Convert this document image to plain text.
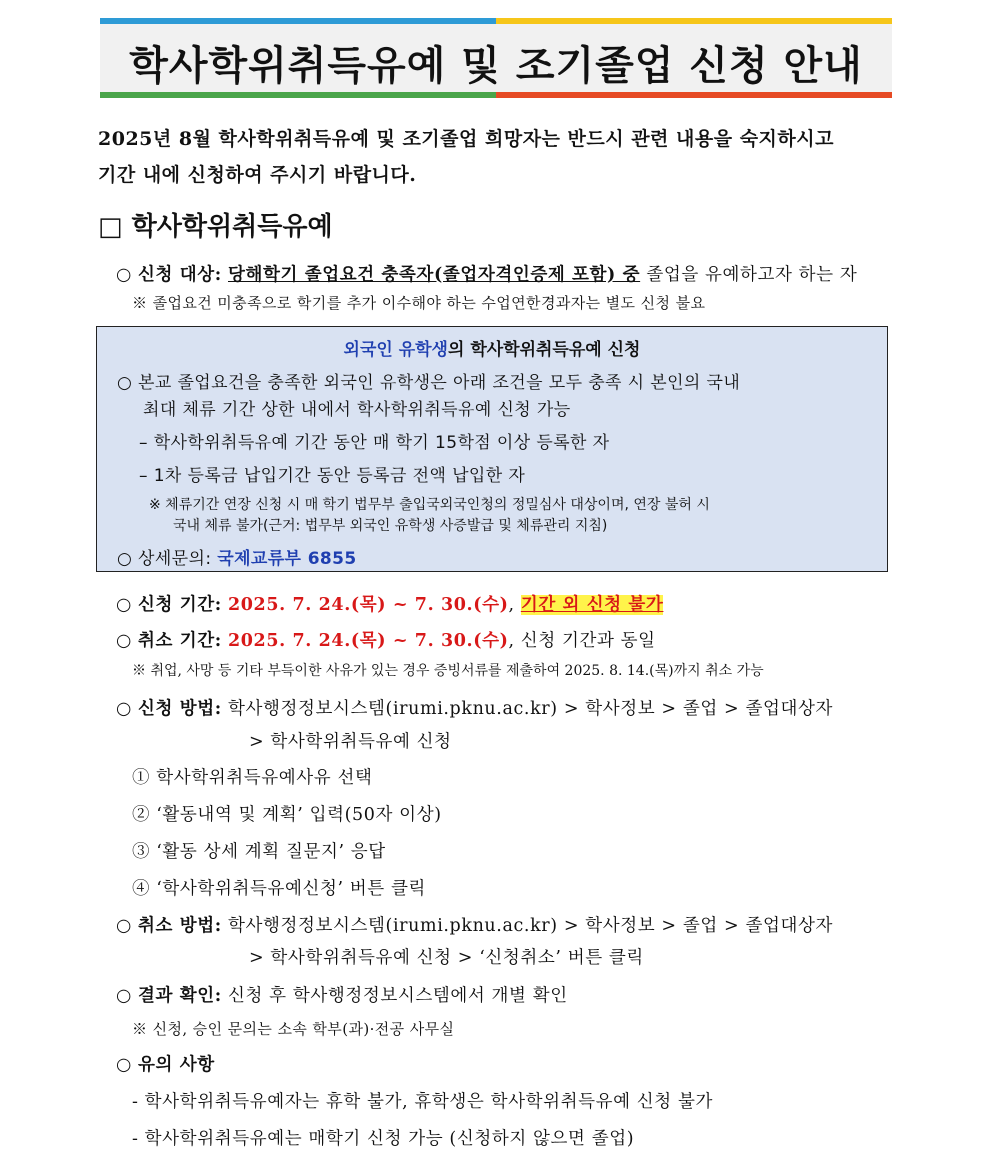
학사학위취득유예 및 조기졸업 신청 안내
2025년 8월 학사학위취득유예 및 조기졸업 희망자는 반드시 관련 내용을 숙지하시고
기간 내에 신청하여 주시기 바랍니다.
□ 학사학위취득유예
○ 신청 대상: 당해학기 졸업요건 충족자(졸업자격인증제 포함) 중 졸업을 유예하고자 하는 자
※ 졸업요건 미충족으로 학기를 추가 이수해야 하는 수업연한경과자는 별도 신청 불요
외국인 유학생의 학사학위취득유예 신청
○ 본교 졸업요건을 충족한 외국인 유학생은 아래 조건을 모두 충족 시 본인의 국내
최대 체류 기간 상한 내에서 학사학위취득유예 신청 가능
– 학사학위취득유예 기간 동안 매 학기 15학점 이상 등록한 자
– 1차 등록금 납입기간 동안 등록금 전액 납입한 자
※ 체류기간 연장 신청 시 매 학기 법무부 출입국외국인청의 정밀심사 대상이며, 연장 불허 시
국내 체류 불가(근거: 법무부 외국인 유학생 사증발급 및 체류관리 지침)
○ 상세문의: 국제교류부 6855
○ 신청 기간: 2025. 7. 24.(목) ~ 7. 30.(수), 기간 외 신청 불가
○ 취소 기간: 2025. 7. 24.(목) ~ 7. 30.(수), 신청 기간과 동일
※ 취업, 사망 등 기타 부득이한 사유가 있는 경우 증빙서류를 제출하여 2025. 8. 14.(목)까지 취소 가능
○ 신청 방법: 학사행정정보시스템(irumi.pknu.ac.kr) > 학사정보 > 졸업 > 졸업대상자
> 학사학위취득유예 신청
① 학사학위취득유예사유 선택
② ‘활동내역 및 계획’ 입력(50자 이상)
③ ‘활동 상세 계획 질문지’ 응답
④ ‘학사학위취득유예신청’ 버튼 클릭
○ 취소 방법: 학사행정정보시스템(irumi.pknu.ac.kr) > 학사정보 > 졸업 > 졸업대상자
> 학사학위취득유예 신청 > ‘신청취소’ 버튼 클릭
○ 결과 확인: 신청 후 학사행정정보시스템에서 개별 확인
※ 신청, 승인 문의는 소속 학부(과)·전공 사무실
○ 유의 사항
- 학사학위취득유예자는 휴학 불가, 휴학생은 학사학위취득유예 신청 불가
- 학사학위취득유예는 매학기 신청 가능 (신청하지 않으면 졸업)
